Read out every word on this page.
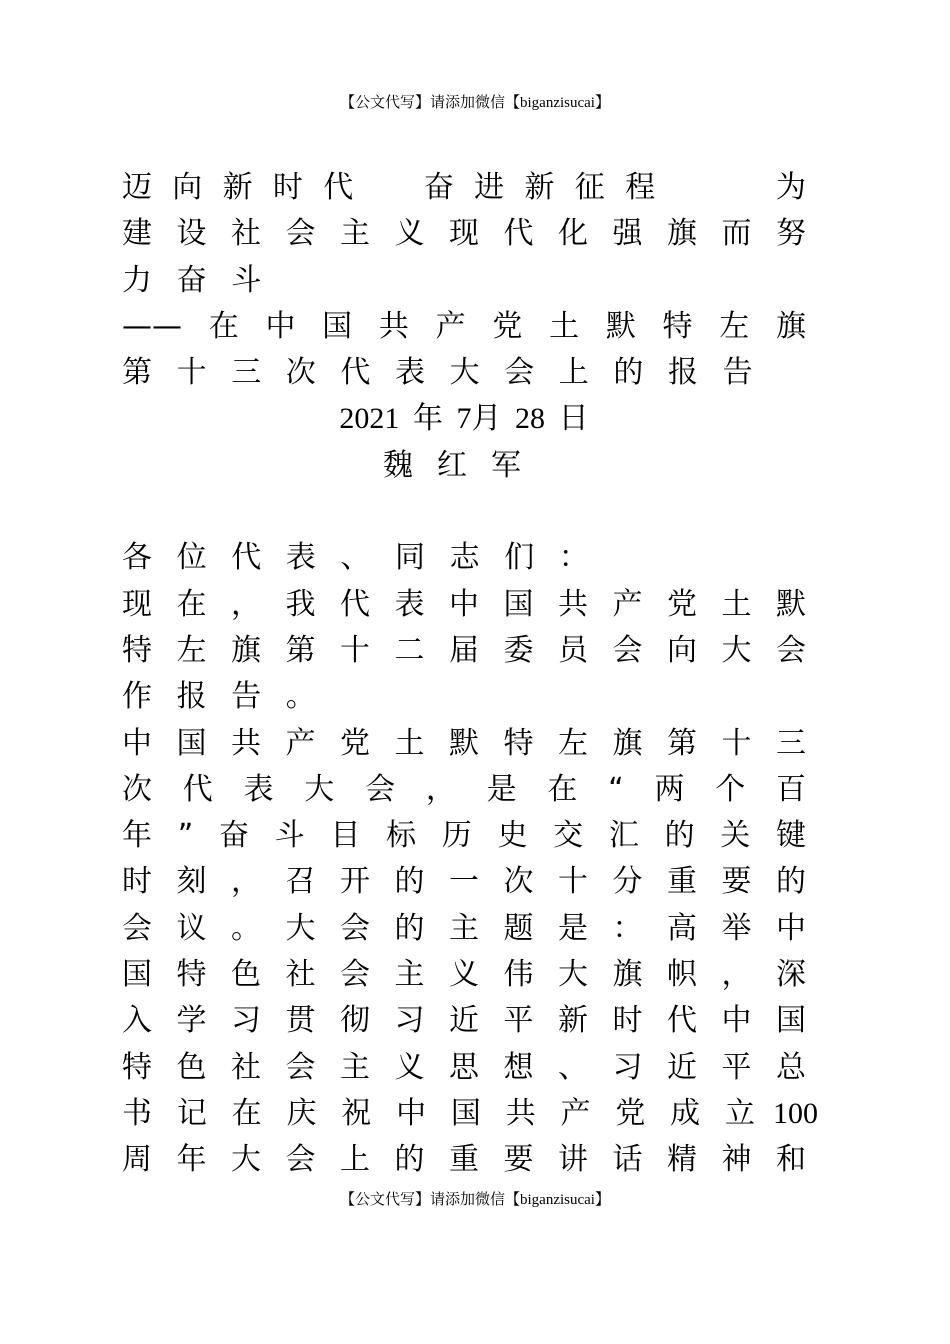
【公文代写】请添加微信【biganzisucai】
迈向新时代　奋进新征程　　为
建设社会主义现代化强旗而努
力奋斗
——在中国共产党土默特左旗
第十三次代表大会上的报告
2021 年 7月 28 日
魏红军
各位代表、同志们：
现在，我代表中国共产党土默
特左旗第十二届委员会向大会
作报告。
中国共产党土默特左旗第十三
次代表大会，是在“两个百
年”奋斗目标历史交汇的关键
时刻，召开的一次十分重要的
会议。大会的主题是：高举中
国特色社会主义伟大旗帜，深
入学习贯彻习近平新时代中国
特色社会主义思想、习近平总
书记在庆祝中国共产党成立 100
周年大会上的重要讲话精神和
【公文代写】请添加微信【biganzisucai】
